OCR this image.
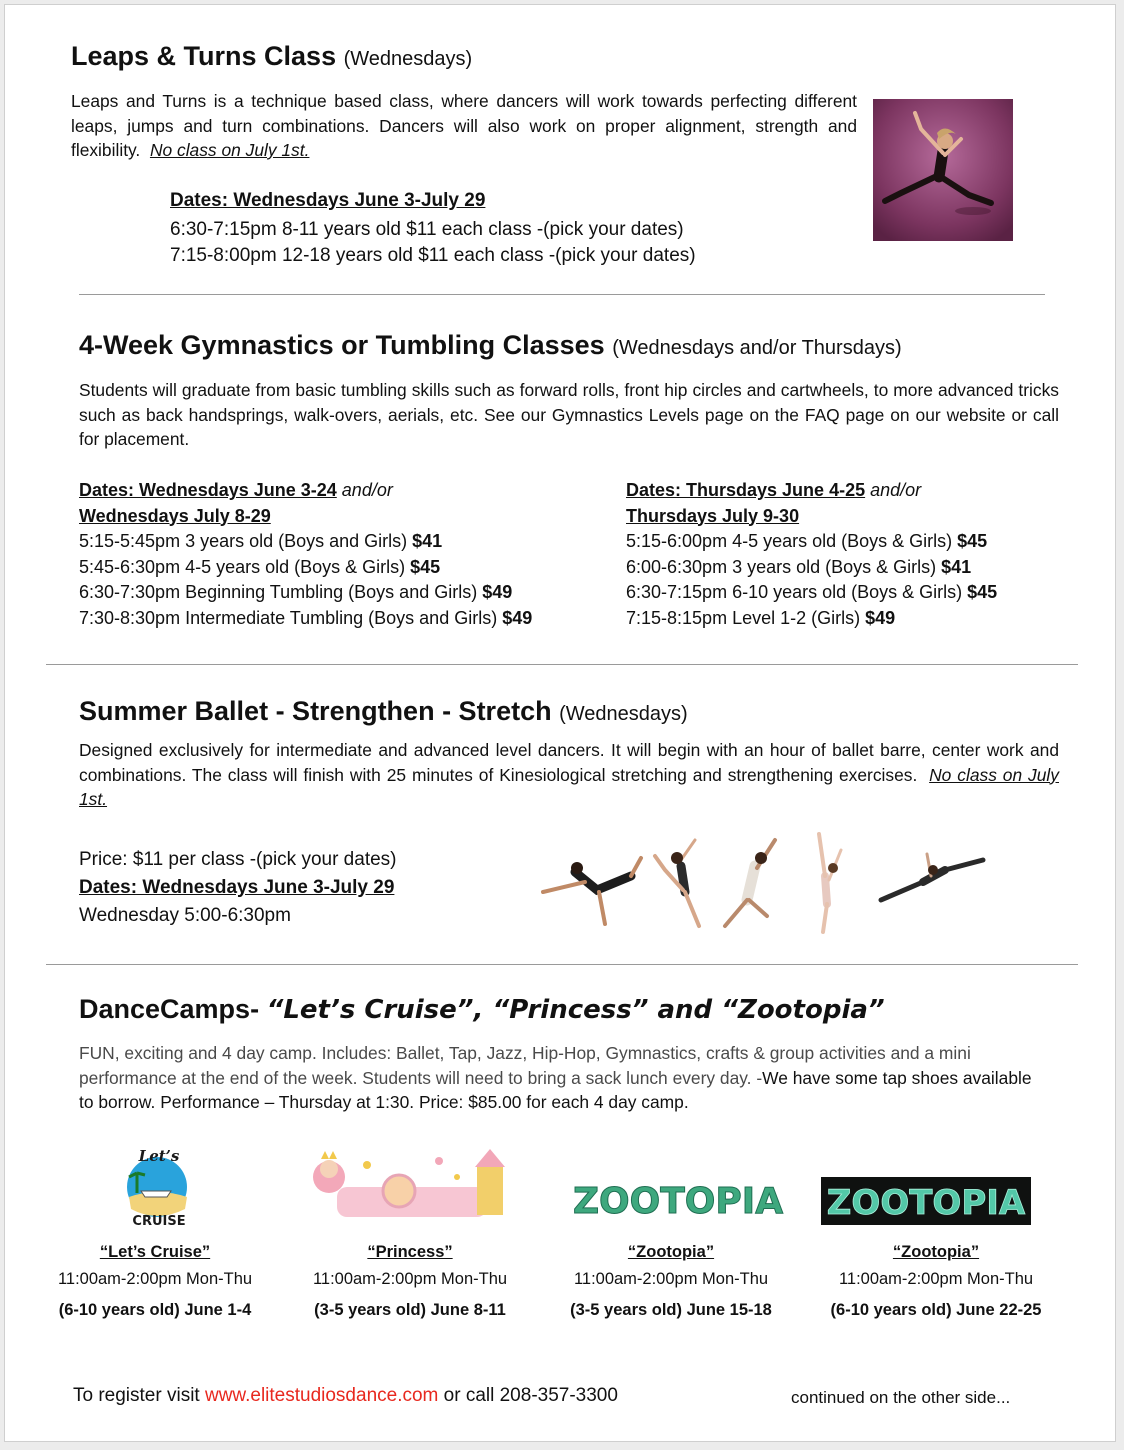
Leaps & Turns Class (Wednesdays)
Leaps and Turns is a technique based class, where dancers will work towards perfecting different leaps, jumps and turn combinations. Dancers will also work on proper alignment, strength and flexibility. No class on July 1st.
Dates: Wednesdays June 3-July 29
6:30-7:15pm 8-11 years old $11 each class -(pick your dates)
7:15-8:00pm 12-18 years old $11 each class -(pick your dates)
4-Week Gymnastics or Tumbling Classes (Wednesdays and/or Thursdays)
Students will graduate from basic tumbling skills such as forward rolls, front hip circles and cartwheels, to more advanced tricks such as back handsprings, walk-overs, aerials, etc. See our Gymnastics Levels page on the FAQ page on our website or call for placement.
Dates: Wednesdays June 3-24 and/or
Wednesdays July 8-29
5:15-5:45pm 3 years old (Boys and Girls) $41
5:45-6:30pm 4-5 years old (Boys & Girls) $45
6:30-7:30pm Beginning Tumbling (Boys and Girls) $49
7:30-8:30pm Intermediate Tumbling (Boys and Girls) $49
Dates: Thursdays June 4-25 and/or
Thursdays July 9-30
5:15-6:00pm 4-5 years old (Boys & Girls) $45
6:00-6:30pm 3 years old (Boys & Girls) $41
6:30-7:15pm 6-10 years old (Boys & Girls) $45
7:15-8:15pm Level 1-2 (Girls) $49
Summer Ballet - Strengthen - Stretch (Wednesdays)
Designed exclusively for intermediate and advanced level dancers. It will begin with an hour of ballet barre, center work and combinations. The class will finish with 25 minutes of Kinesiological stretching and strengthening exercises. No class on July 1st.
Price: $11 per class -(pick your dates)
Dates: Wednesdays June 3-July 29
Wednesday 5:00-6:30pm
DanceCamps- “Let’s Cruise”, “Princess” and “Zootopia”
FUN, exciting and 4 day camp. Includes: Ballet, Tap, Jazz, Hip-Hop, Gymnastics, crafts & group activities and a mini performance at the end of the week. Students will need to bring a sack lunch every day. -We have some tap shoes available to borrow. Performance – Thursday at 1:30. Price: $85.00 for each 4 day camp.
Let’s
CRUISE	ZOOTOPIA ZOOTOPIA
“Let’s Cruise”
11:00am-2:00pm Mon-Thu
(6-10 years old) June 1-4
“Princess”
11:00am-2:00pm Mon-Thu
(3-5 years old) June 8-11
“Zootopia”
11:00am-2:00pm Mon-Thu
(3-5 years old) June 15-18
“Zootopia”
11:00am-2:00pm Mon-Thu
(6-10 years old) June 22-25
To register visit www.elitestudiosdance.com or call 208-357-3300	continued on the other side...
